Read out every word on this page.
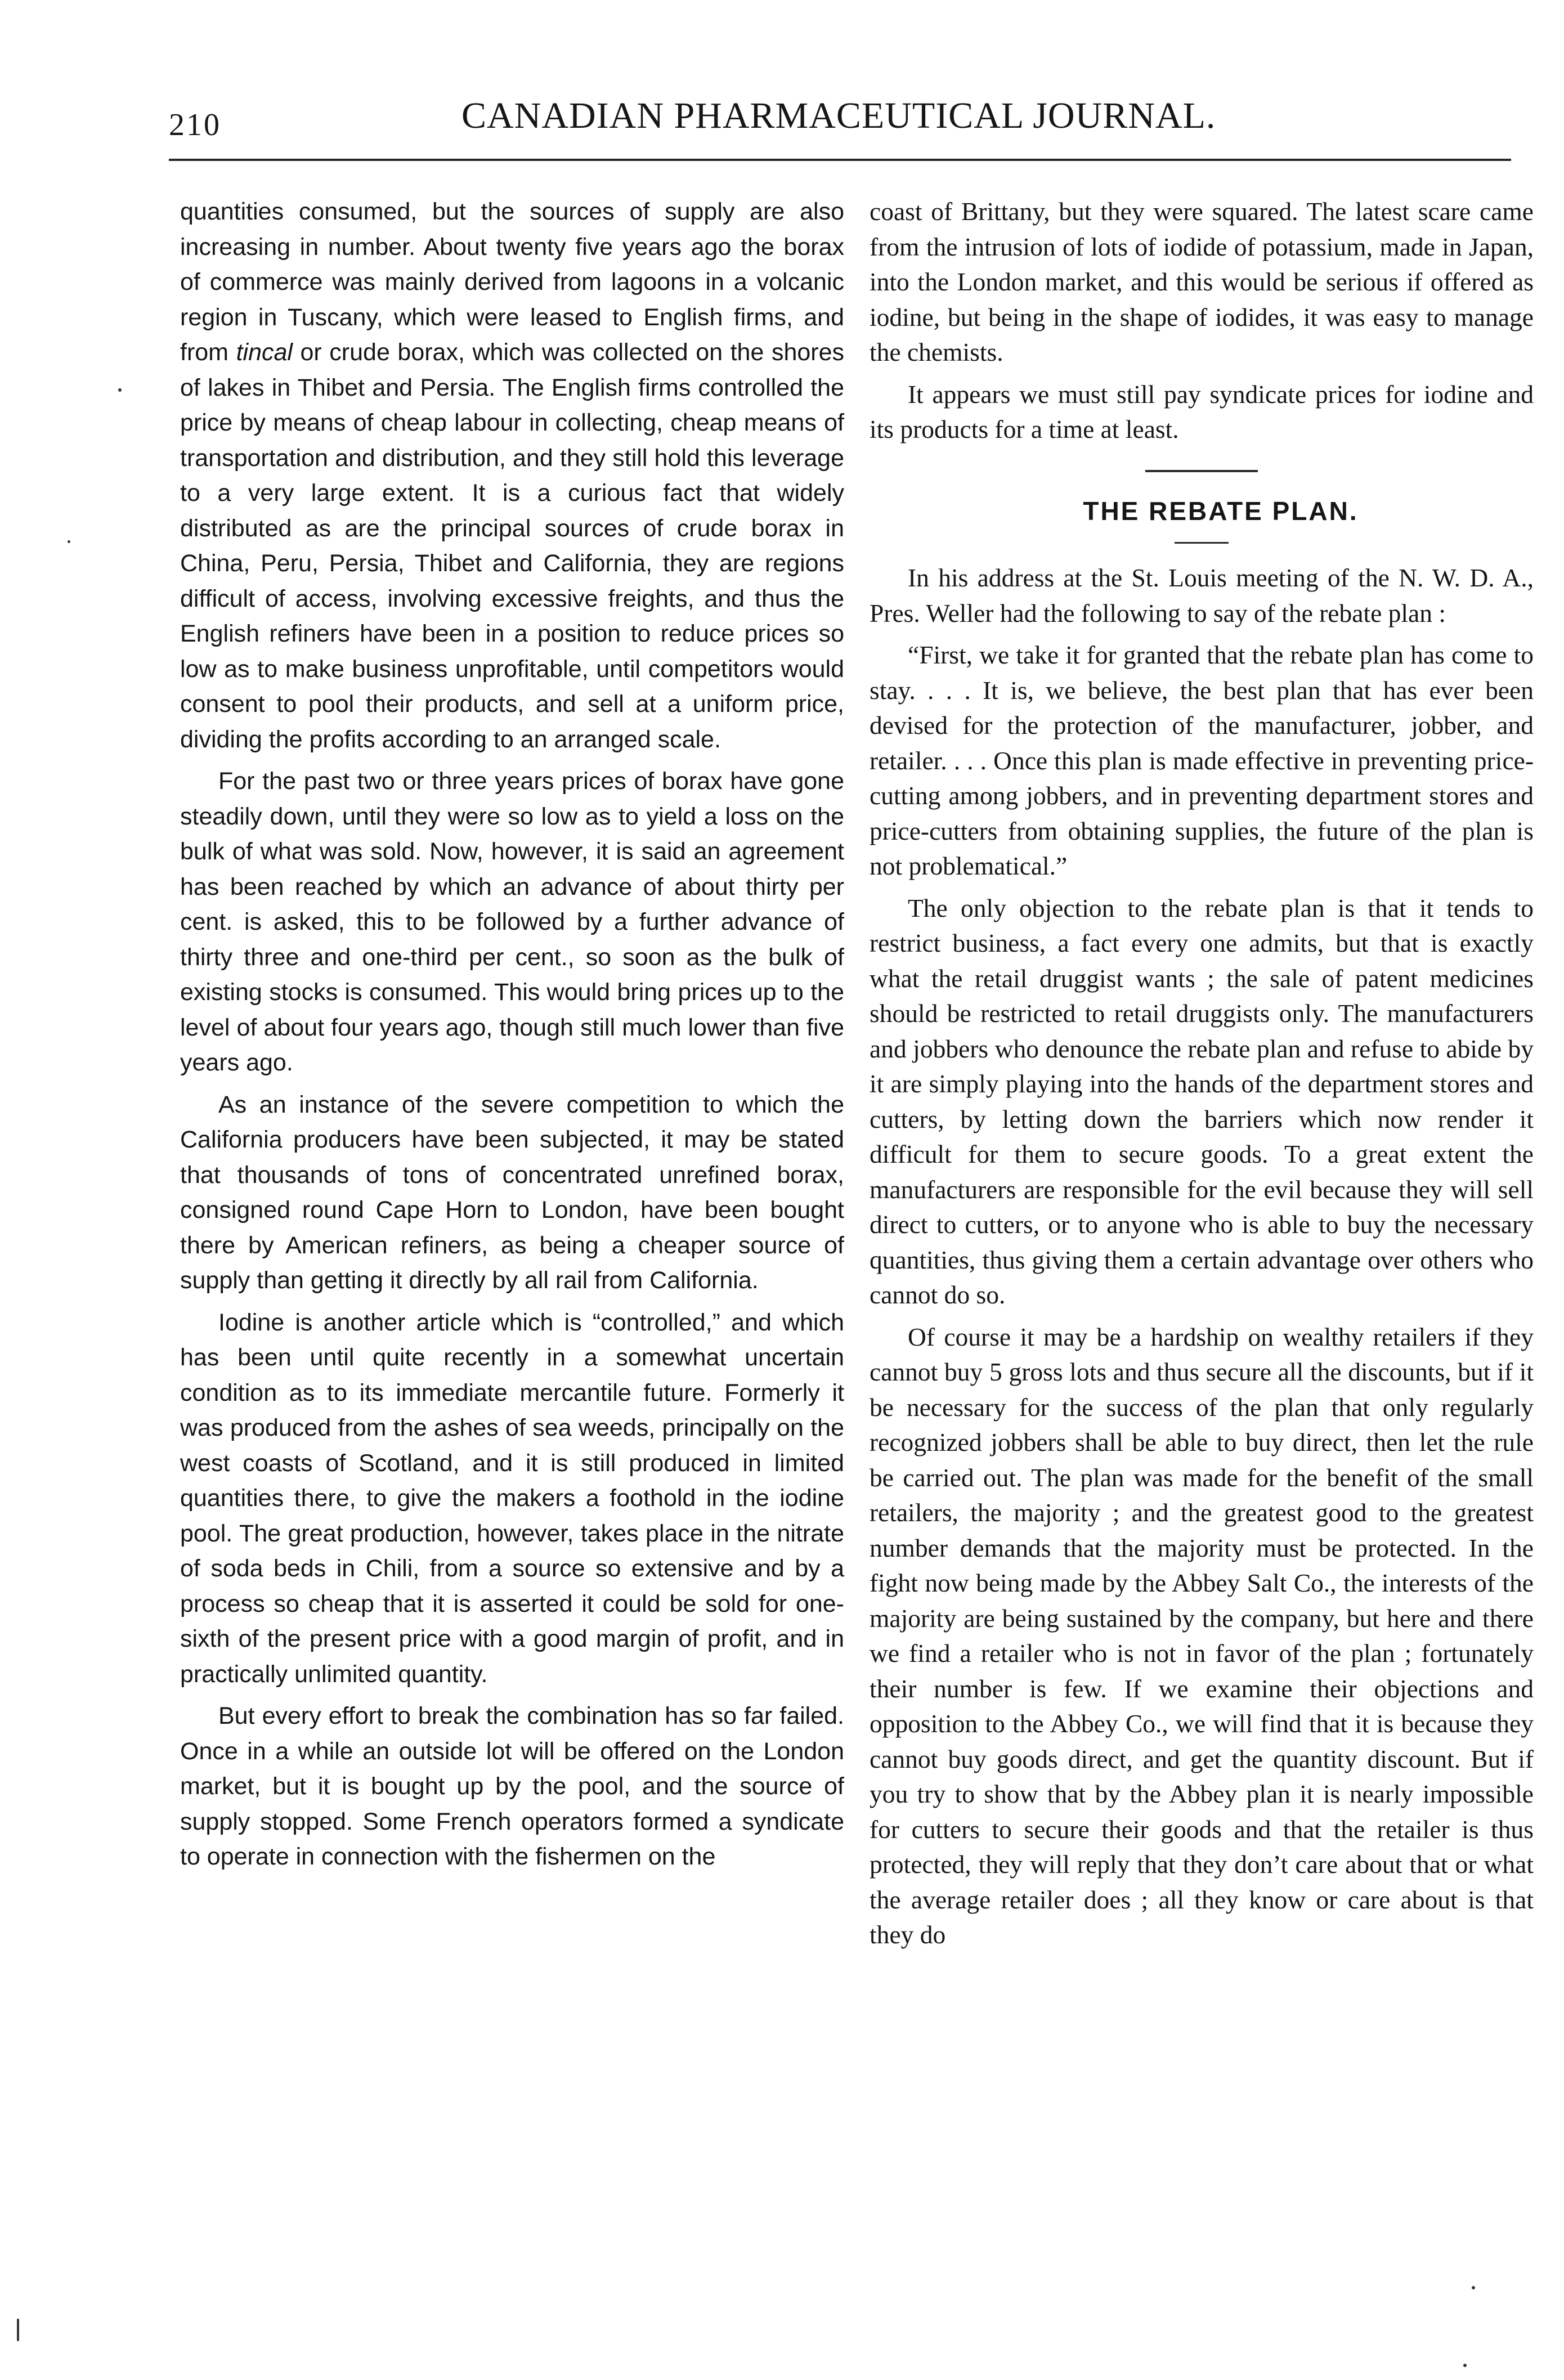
210	CANADIAN PHARMACEUTICAL JOURNAL.

quantities consumed, but the sources of supply are also increasing in number. About twenty five years ago the borax of commerce was mainly derived from lagoons in a volcanic region in Tuscany, which were leased to English firms, and from tincal or crude borax, which was collected on the shores of lakes in Thibet and Persia. The English firms controlled the price by means of cheap labour in collecting, cheap means of transportation and distribution, and they still hold this leverage to a very large extent. It is a curious fact that widely distributed as are the principal sources of crude borax in China, Peru, Persia, Thibet and California, they are regions difficult of access, involving excessive freights, and thus the English refiners have been in a position to reduce prices so low as to make business unprofitable, until competitors would consent to pool their products, and sell at a uniform price, dividing the profits according to an arranged scale.

For the past two or three years prices of borax have gone steadily down, until they were so low as to yield a loss on the bulk of what was sold. Now, however, it is said an agreement has been reached by which an advance of about thirty per cent. is asked, this to be followed by a further advance of thirty three and one-third per cent., so soon as the bulk of existing stocks is consumed. This would bring prices up to the level of about four years ago, though still much lower than five years ago.

As an instance of the severe competition to which the California producers have been subjected, it may be stated that thousands of tons of concentrated unrefined borax, consigned round Cape Horn to London, have been bought there by American refiners, as being a cheaper source of supply than getting it directly by all rail from California.

Iodine is another article which is “controlled,” and which has been until quite recently in a somewhat uncertain condition as to its immediate mercantile future. Formerly it was produced from the ashes of sea weeds, principally on the west coasts of Scotland, and it is still produced in limited quantities there, to give the makers a foothold in the iodine pool. The great production, however, takes place in the nitrate of soda beds in Chili, from a source so extensive and by a process so cheap that it is asserted it could be sold for one-sixth of the present price with a good margin of profit, and in practically unlimited quantity.

But every effort to break the combination has so far failed. Once in a while an outside lot will be offered on the London market, but it is bought up by the pool, and the source of supply stopped. Some French operators formed a syndicate to operate in connection with the fishermen on the

coast of Brittany, but they were squared. The latest scare came from the intrusion of lots of iodide of potassium, made in Japan, into the London market, and this would be serious if offered as iodine, but being in the shape of iodides, it was easy to manage the chemists.

It appears we must still pay syndicate prices for iodine and its products for a time at least.

THE REBATE PLAN.

In his address at the St. Louis meeting of the N. W. D. A., Pres. Weller had the following to say of the rebate plan :

“First, we take it for granted that the rebate plan has come to stay. . . . It is, we believe, the best plan that has ever been devised for the protection of the manufacturer, jobber, and retailer. . . . Once this plan is made effective in preventing price-cutting among jobbers, and in preventing department stores and price-cutters from obtaining supplies, the future of the plan is not problematical.”

The only objection to the rebate plan is that it tends to restrict business, a fact every one admits, but that is exactly what the retail druggist wants ; the sale of patent medicines should be restricted to retail druggists only. The manufacturers and jobbers who denounce the rebate plan and refuse to abide by it are simply playing into the hands of the department stores and cutters, by letting down the barriers which now render it difficult for them to secure goods. To a great extent the manufacturers are responsible for the evil because they will sell direct to cutters, or to anyone who is able to buy the necessary quantities, thus giving them a certain advantage over others who cannot do so.

Of course it may be a hardship on wealthy retailers if they cannot buy 5 gross lots and thus secure all the discounts, but if it be necessary for the success of the plan that only regularly recognized jobbers shall be able to buy direct, then let the rule be carried out. The plan was made for the benefit of the small retailers, the majority ; and the greatest good to the greatest number demands that the majority must be protected. In the fight now being made by the Abbey Salt Co., the interests of the majority are being sustained by the company, but here and there we find a retailer who is not in favor of the plan ; fortunately their number is few. If we examine their objections and opposition to the Abbey Co., we will find that it is because they cannot buy goods direct, and get the quantity discount. But if you try to show that by the Abbey plan it is nearly impossible for cutters to secure their goods and that the retailer is thus protected, they will reply that they don’t care about that or what the average retailer does ; all they know or care about is that they do
